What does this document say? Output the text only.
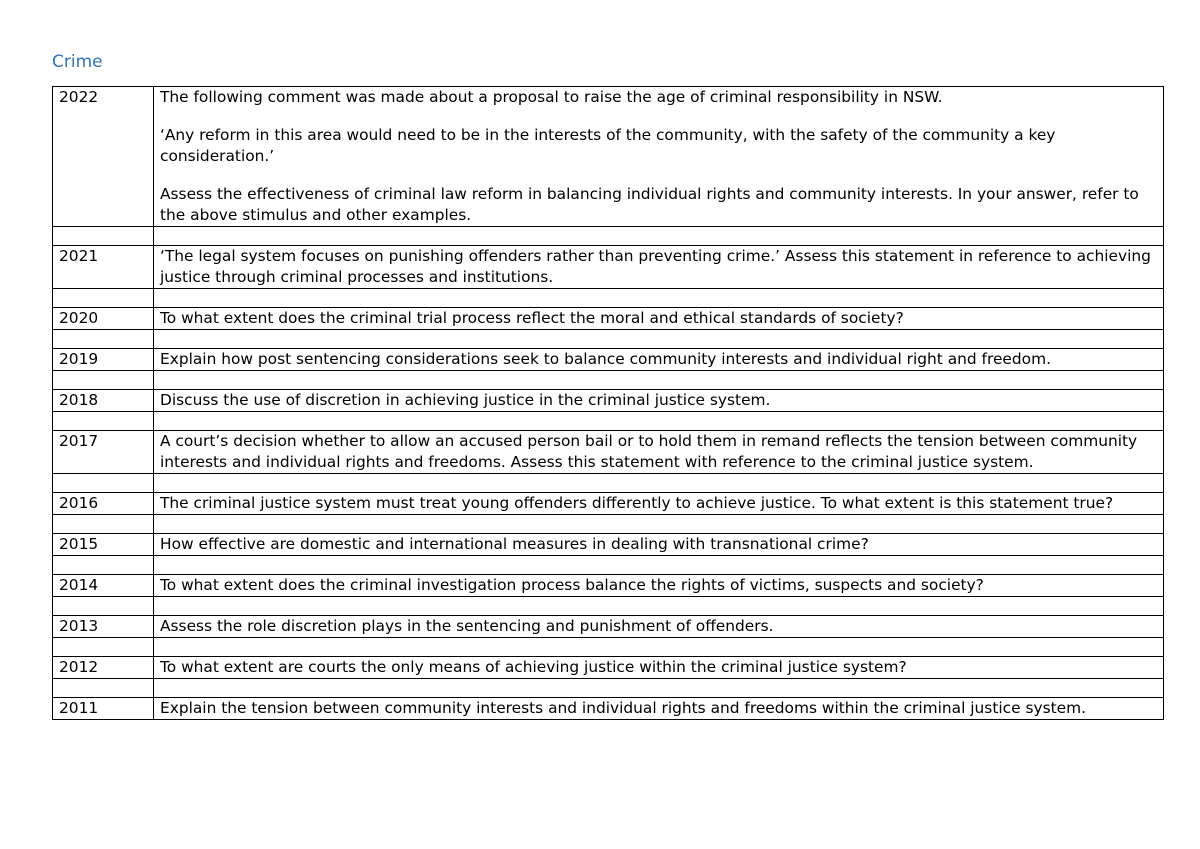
Crime
2022	The following comment was made about a proposal to raise the age of criminal responsibility in NSW.

‘Any reform in this area would need to be in the interests of the community, with the safety of the community a key consideration.’

Assess the effectiveness of criminal law reform in balancing individual rights and community interests. In your answer, refer to the above stimulus and other examples.

2021	‘The legal system focuses on punishing offenders rather than preventing crime.’ Assess this statement in reference to achieving justice through criminal processes and institutions.

2020	To what extent does the criminal trial process reflect the moral and ethical standards of society?

2019	Explain how post sentencing considerations seek to balance community interests and individual right and freedom.

2018	Discuss the use of discretion in achieving justice in the criminal justice system.

2017	A court’s decision whether to allow an accused person bail or to hold them in remand reflects the tension between community interests and individual rights and freedoms. Assess this statement with reference to the criminal justice system.

2016	The criminal justice system must treat young offenders differently to achieve justice. To what extent is this statement true?

2015	How effective are domestic and international measures in dealing with transnational crime?

2014	To what extent does the criminal investigation process balance the rights of victims, suspects and society?

2013	Assess the role discretion plays in the sentencing and punishment of offenders.

2012	To what extent are courts the only means of achieving justice within the criminal justice system?

2011	Explain the tension between community interests and individual rights and freedoms within the criminal justice system.
